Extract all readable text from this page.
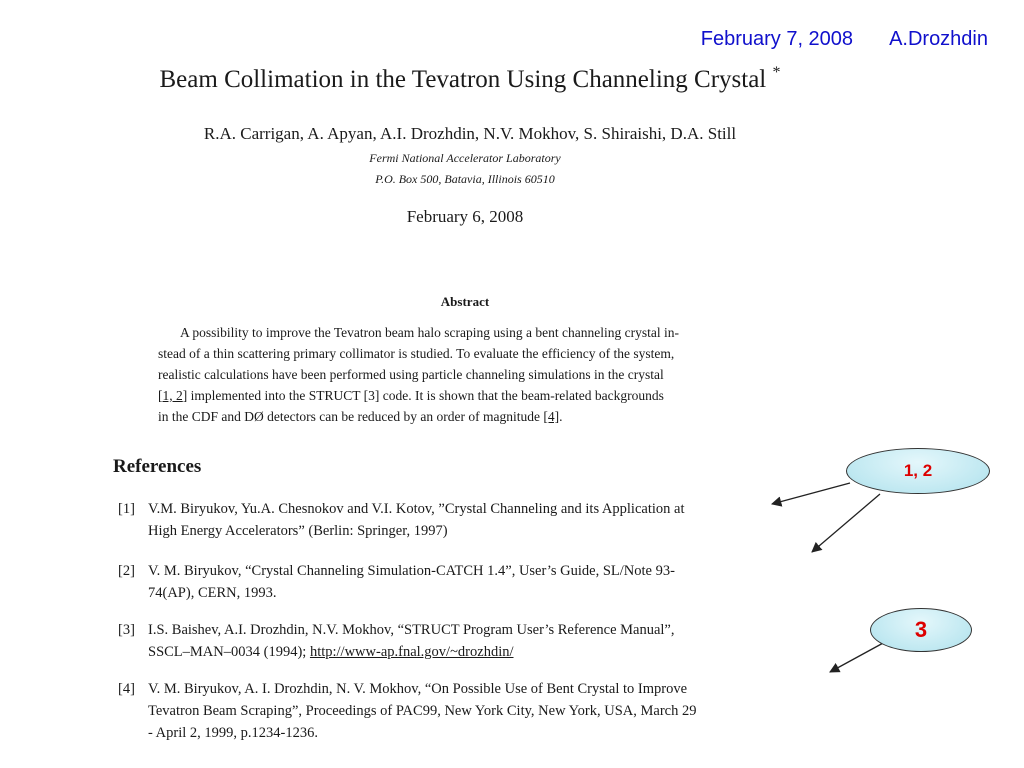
February 7, 2008 A.Drozhdin
Beam Collimation in the Tevatron Using Channeling Crystal *
R.A. Carrigan, A. Apyan, A.I. Drozhdin, N.V. Mokhov, S. Shiraishi, D.A. Still
Fermi National Accelerator Laboratory
P.O. Box 500, Batavia, Illinois 60510
February 6, 2008
Abstract
A possibility to improve the Tevatron beam halo scraping using a bent channeling crystal in-
stead of a thin scattering primary collimator is studied. To evaluate the efficiency of the system,
realistic calculations have been performed using particle channeling simulations in the crystal
[1, 2] implemented into the STRUCT [3] code. It is shown that the beam-related backgrounds
in the CDF and DØ detectors can be reduced by an order of magnitude [4].
References
[1] V.M. Biryukov, Yu.A. Chesnokov and V.I. Kotov, ”Crystal Channeling and its Application at
High Energy Accelerators” (Berlin: Springer, 1997)
[2] V. M. Biryukov, “Crystal Channeling Simulation-CATCH 1.4”, User’s Guide, SL/Note 93-
74(AP), CERN, 1993.
[3] I.S. Baishev, A.I. Drozhdin, N.V. Mokhov, “STRUCT Program User’s Reference Manual”,
SSCL–MAN–0034 (1994); http://www-ap.fnal.gov/~drozhdin/
[4] V. M. Biryukov, A. I. Drozhdin, N. V. Mokhov, “On Possible Use of Bent Crystal to Improve
Tevatron Beam Scraping”, Proceedings of PAC99, New York City, New York, USA, March 29
- April 2, 1999, p.1234-1236.
1, 2
3
